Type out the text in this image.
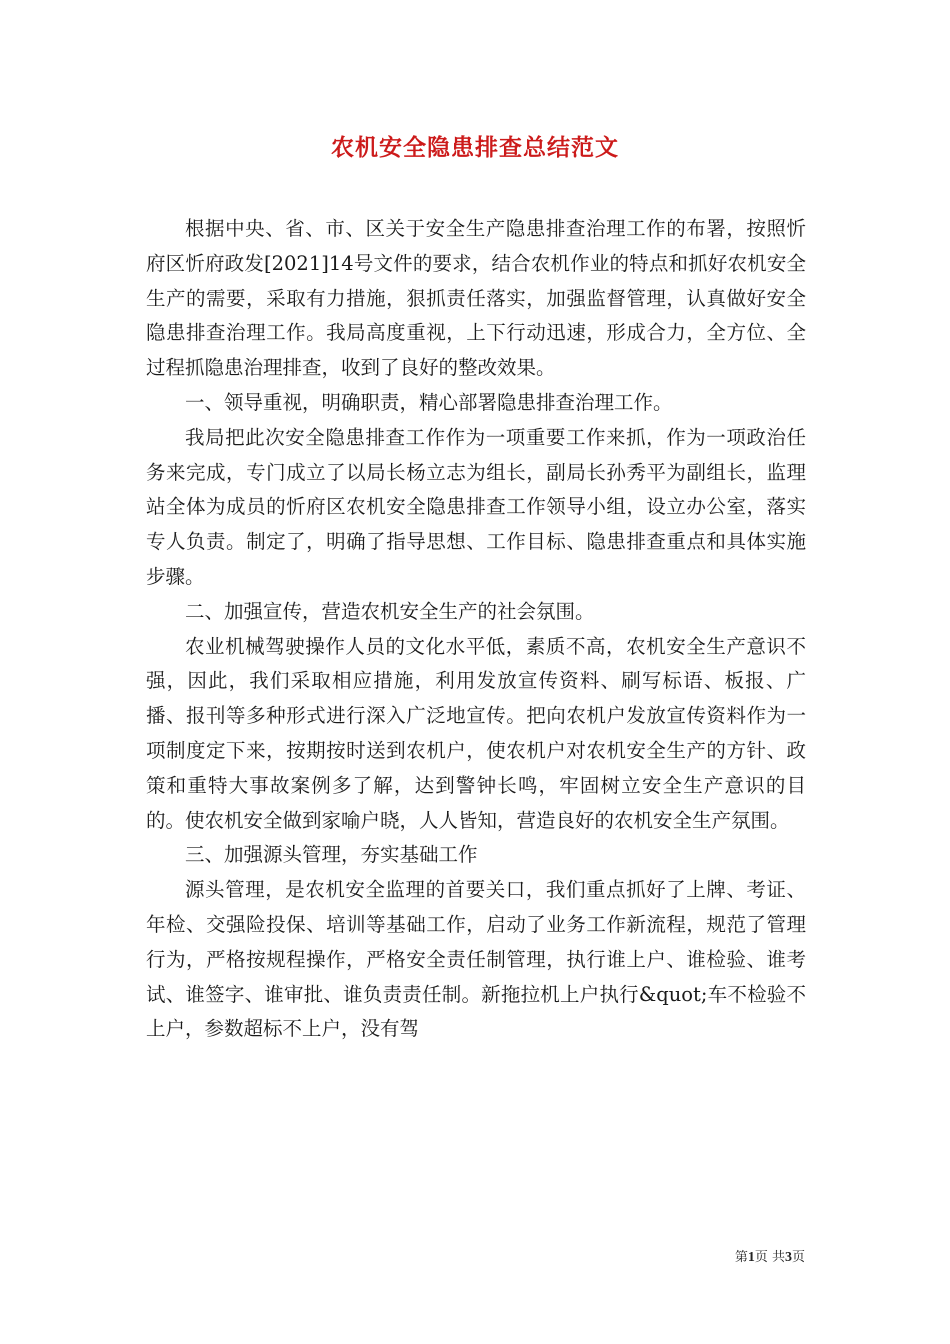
农机安全隐患排查总结范文

根据中央、省、市、区关于安全生产隐患排查治理工作的布署，按照忻府区忻府政发[2021]14号文件的要求，结合农机作业的特点和抓好农机安全生产的需要，采取有力措施，狠抓责任落实，加强监督管理，认真做好安全隐患排查治理工作。我局高度重视，上下行动迅速，形成合力，全方位、全过程抓隐患治理排查，收到了良好的整改效果。

一、领导重视，明确职责，精心部署隐患排查治理工作。

我局把此次安全隐患排查工作作为一项重要工作来抓，作为一项政治任务来完成，专门成立了以局长杨立志为组长，副局长孙秀平为副组长，监理站全体为成员的忻府区农机安全隐患排查工作领导小组，设立办公室，落实专人负责。制定了，明确了指导思想、工作目标、隐患排查重点和具体实施步骤。

二、加强宣传，营造农机安全生产的社会氛围。

农业机械驾驶操作人员的文化水平低，素质不高，农机安全生产意识不强，因此，我们采取相应措施，利用发放宣传资料、刷写标语、板报、广播、报刊等多种形式进行深入广泛地宣传。把向农机户发放宣传资料作为一项制度定下来，按期按时送到农机户，使农机户对农机安全生产的方针、政策和重特大事故案例多了解，达到警钟长鸣，牢固树立安全生产意识的目的。使农机安全做到家喻户晓，人人皆知，营造良好的农机安全生产氛围。

三、加强源头管理，夯实基础工作

源头管理，是农机安全监理的首要关口，我们重点抓好了上牌、考证、年检、交强险投保、培训等基础工作，启动了业务工作新流程，规范了管理行为，严格按规程操作，严格安全责任制管理，执行谁上户、谁检验、谁考试、谁签字、谁审批、谁负责责任制。新拖拉机上户执行&quot;车不检验不上户，参数超标不上户，没有驾

第1页 共3页
